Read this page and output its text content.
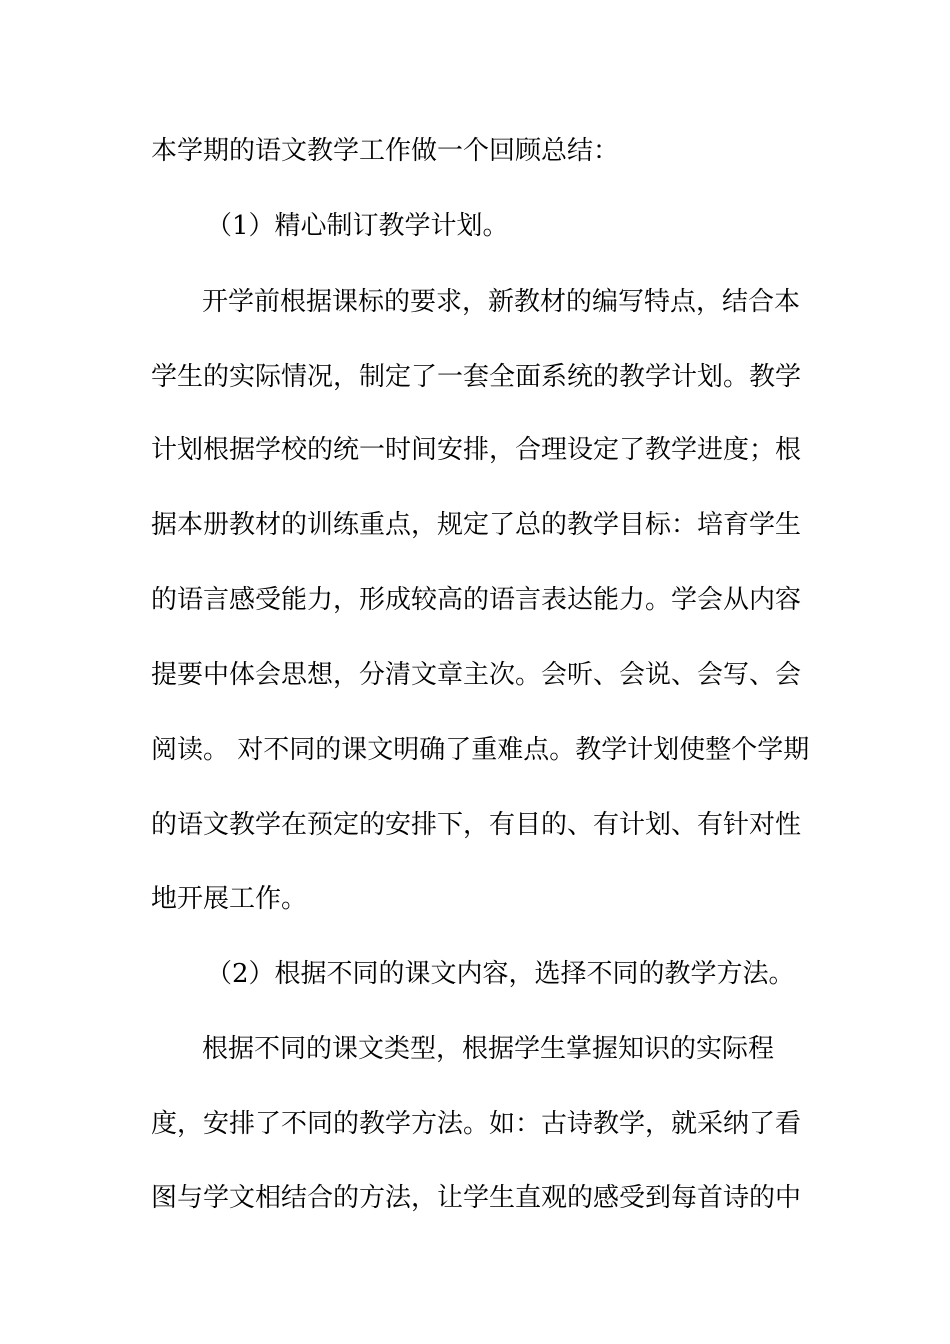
本学期的语文教学工作做一个回顾总结：
（1）精心制订教学计划。
开学前根据课标的要求，新教材的编写特点，结合本
学生的实际情况，制定了一套全面系统的教学计划。教学
计划根据学校的统一时间安排，合理设定了教学进度；根
据本册教材的训练重点，规定了总的教学目标：培育学生
的语言感受能力，形成较高的语言表达能力。学会从内容
提要中体会思想，分清文章主次。会听、会说、会写、会
阅读。 对不同的课文明确了重难点。教学计划使整个学期
的语文教学在预定的安排下，有目的、有计划、有针对性
地开展工作。
（2）根据不同的课文内容，选择不同的教学方法。
根据不同的课文类型，根据学生掌握知识的实际程
度，安排了不同的教学方法。如：古诗教学，就采纳了看
图与学文相结合的方法，让学生直观的感受到每首诗的中
